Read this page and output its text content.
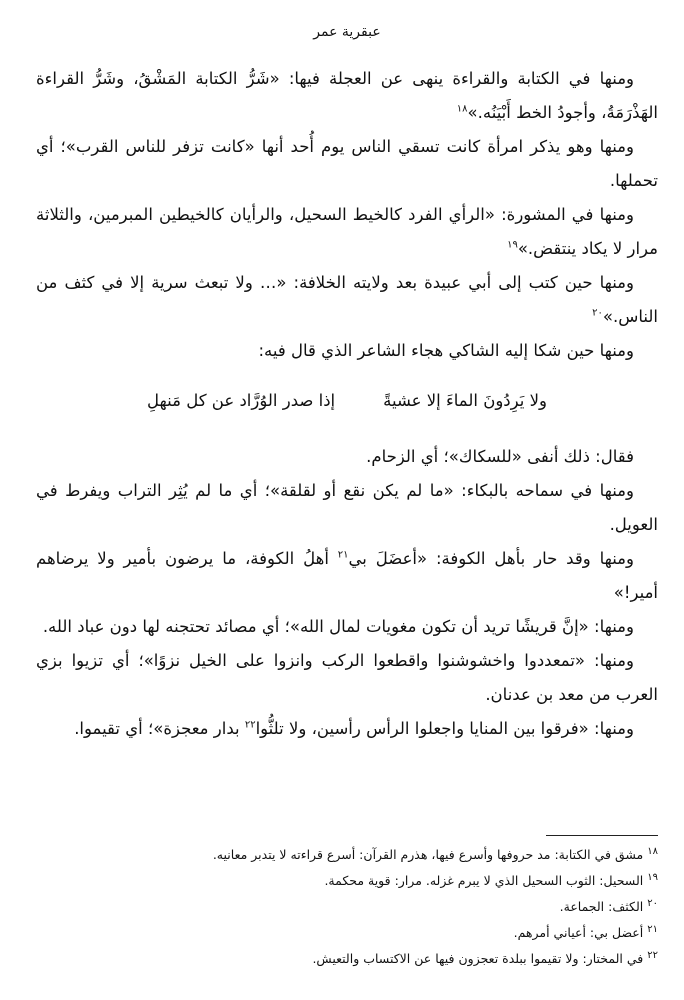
عبقرية عمر

ومنها في الكتابة والقراءة ينهى عن العجلة فيها: «شَرُّ الكتابة المَشْقُ، وشَرُّ القراءة الهَذْرَمَةُ، وأجودُ الخط أَبْيَنُه.»$^{١٨}$

ومنها وهو يذكر امرأة كانت تسقي الناس يوم أُحد أنها «كانت تزفر للناس القرب»؛ أي تحملها.

ومنها في المشورة: «الرأي الفرد كالخيط السحيل، والرأيان كالخيطين المبرمين، والثلاثة مرار لا يكاد ينتقض.»$^{١٩}$

ومنها حين كتب إلى أبي عبيدة بعد ولايته الخلافة: «… ولا تبعث سرية إلا في كثف من الناس.»$^{٢٠}$

ومنها حين شكا إليه الشاكي هجاء الشاعر الذي قال فيه:

ولا يَرِدُونَ الماءَ إلا عشيةً
إذا صدر الوُرَّاد عن كل مَنهلِ

فقال: ذلك أنفى «للسكاك»؛ أي الزحام.

ومنها في سماحه بالبكاء: «ما لم يكن نقع أو لقلقة»؛ أي ما لم يُثِر التراب ويفرط في العويل.

ومنها وقد حار بأهل الكوفة: «أعضَلَ بي$^{٢١}$ أهلُ الكوفة، ما يرضون بأمير ولا يرضاهم أمير!»

ومنها: «إنَّ قريشًا تريد أن تكون مغويات لمال الله»؛ أي مصائد تحتجنه لها دون عباد الله.

ومنها: «تمعددوا واخشوشنوا واقطعوا الركب وانزوا على الخيل نزوًا»؛ أي تزيوا بزي العرب من معد بن عدنان.

ومنها: «فرقوا بين المنايا واجعلوا الرأس رأسين، ولا تلثُّوا$^{٢٢}$ بدار معجزة»؛ أي تقيموا.

١٨مشق في الكتابة: مد حروفها وأسرع فيها، هذرم القرآن: أسرع قراءته لا يتدبر معانيه.

١٩السحيل: الثوب السحيل الذي لا يبرم غزله. مرار: قوية محكمة.

٢٠الكثف: الجماعة.

٢١أعضل بي: أعياني أمرهم.

٢٢في المختار: ولا تقيموا ببلدة تعجزون فيها عن الاكتساب والتعيش.
